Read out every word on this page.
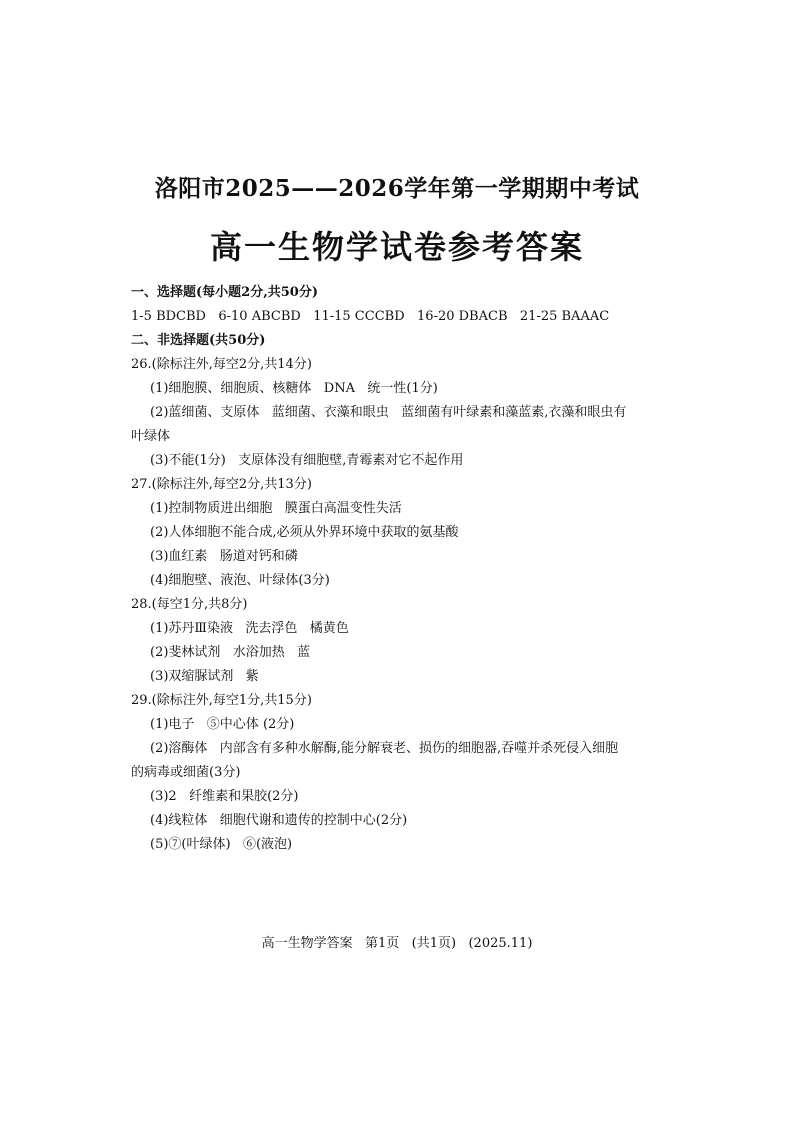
洛阳市2025——2026学年第一学期期中考试
高一生物学试卷参考答案
一、选择题(每小题2分,共50分)
1-5 BDCBD   6-10 ABCBD   11-15 CCCBD   16-20 DBACB   21-25 BAAAC
二、非选择题(共50分)
26.(除标注外,每空2分,共14分)
(1)细胞膜、细胞质、核糖体   DNA   统一性(1分)
(2)蓝细菌、支原体   蓝细菌、衣藻和眼虫   蓝细菌有叶绿素和藻蓝素,衣藻和眼虫有
叶绿体
(3)不能(1分)   支原体没有细胞壁,青霉素对它不起作用
27.(除标注外,每空2分,共13分)
(1)控制物质进出细胞   膜蛋白高温变性失活
(2)人体细胞不能合成,必须从外界环境中获取的氨基酸
(3)血红素   肠道对钙和磷
(4)细胞壁、液泡、叶绿体(3分)
28.(每空1分,共8分)
(1)苏丹Ⅲ染液   洗去浮色   橘黄色
(2)斐林试剂   水浴加热   蓝
(3)双缩脲试剂   紫
29.(除标注外,每空1分,共15分)
(1)电子   ⑤中心体 (2分)
(2)溶酶体   内部含有多种水解酶,能分解衰老、损伤的细胞器,吞噬并杀死侵入细胞
的病毒或细菌(3分)
(3)2   纤维素和果胶(2分)
(4)线粒体   细胞代谢和遗传的控制中心(2分)
(5)⑦(叶绿体)   ⑥(液泡)
高一生物学答案   第1页   (共1页)   (2025.11)
